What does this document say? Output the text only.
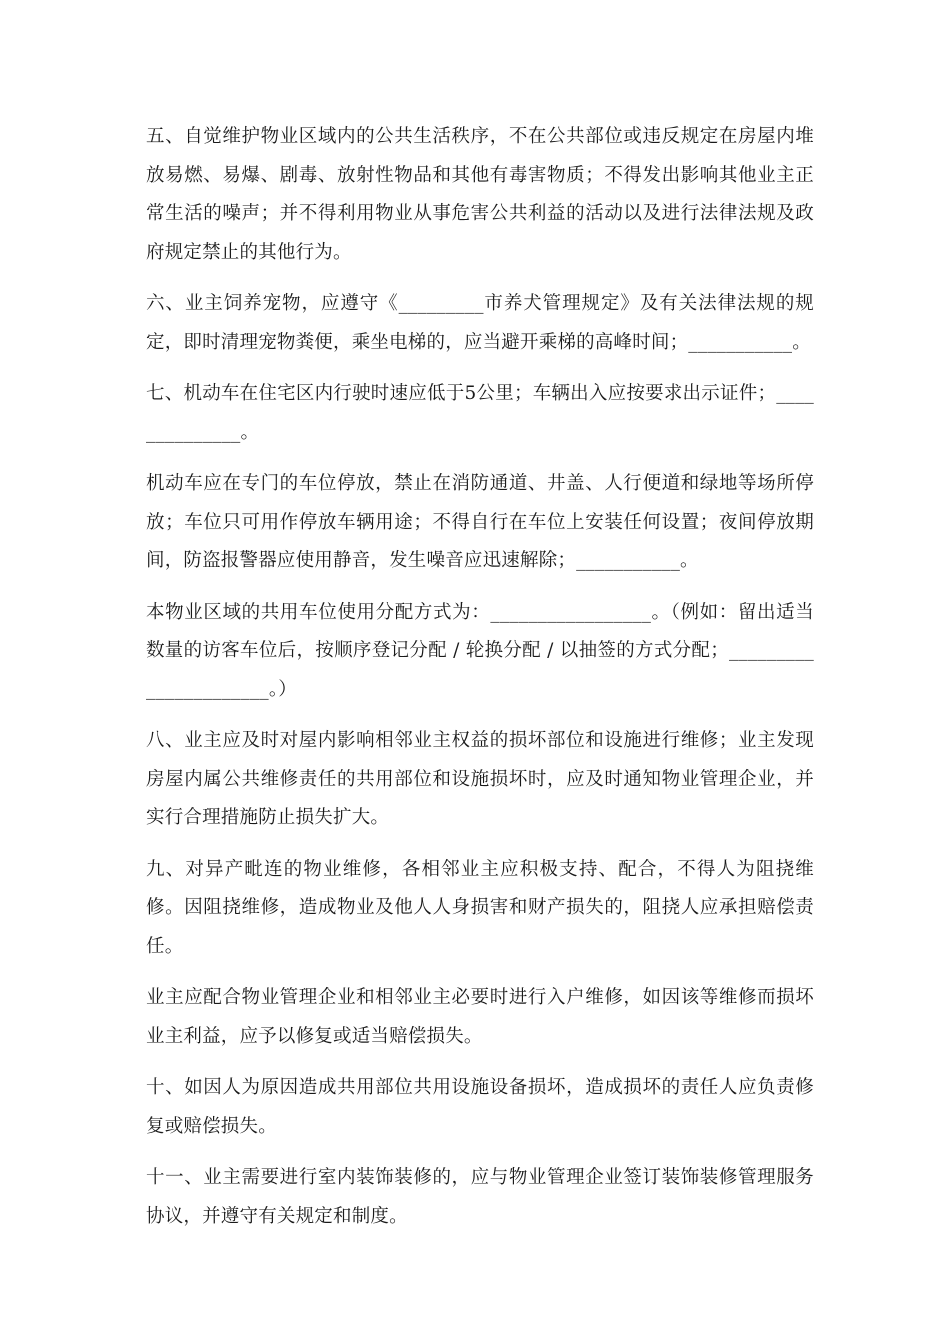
五、自觉维护物业区域内的公共生活秩序，不在公共部位或违反规定在房屋内堆放易燃、易爆、剧毒、放射性物品和其他有毒害物质；不得发出影响其他业主正常生活的噪声；并不得利用物业从事危害公共利益的活动以及进行法律法规及政府规定禁止的其他行为。

六、业主饲养宠物，应遵守《_________市养犬管理规定》及有关法律法规的规定，即时清理宠物粪便，乘坐电梯的，应当避开乘梯的高峰时间；___________。

七、机动车在住宅区内行驶时速应低于5公里；车辆出入应按要求出示证件；______________。

机动车应在专门的车位停放，禁止在消防通道、井盖、人行便道和绿地等场所停放；车位只可用作停放车辆用途；不得自行在车位上安装任何设置；夜间停放期间，防盗报警器应使用静音，发生噪音应迅速解除；___________。

本物业区域的共用车位使用分配方式为：_________________。（例如：留出适当数量的访客车位后，按顺序登记分配 / 轮换分配 / 以抽签的方式分配；______________________。）

八、业主应及时对屋内影响相邻业主权益的损坏部位和设施进行维修；业主发现房屋内属公共维修责任的共用部位和设施损坏时，应及时通知物业管理企业，并实行合理措施防止损失扩大。

九、对异产毗连的物业维修，各相邻业主应积极支持、配合，不得人为阻挠维修。因阻挠维修，造成物业及他人人身损害和财产损失的，阻挠人应承担赔偿责任。

业主应配合物业管理企业和相邻业主必要时进行入户维修，如因该等维修而损坏业主利益，应予以修复或适当赔偿损失。

十、如因人为原因造成共用部位共用设施设备损坏，造成损坏的责任人应负责修复或赔偿损失。

十一、业主需要进行室内装饰装修的，应与物业管理企业签订装饰装修管理服务协议，并遵守有关规定和制度。
